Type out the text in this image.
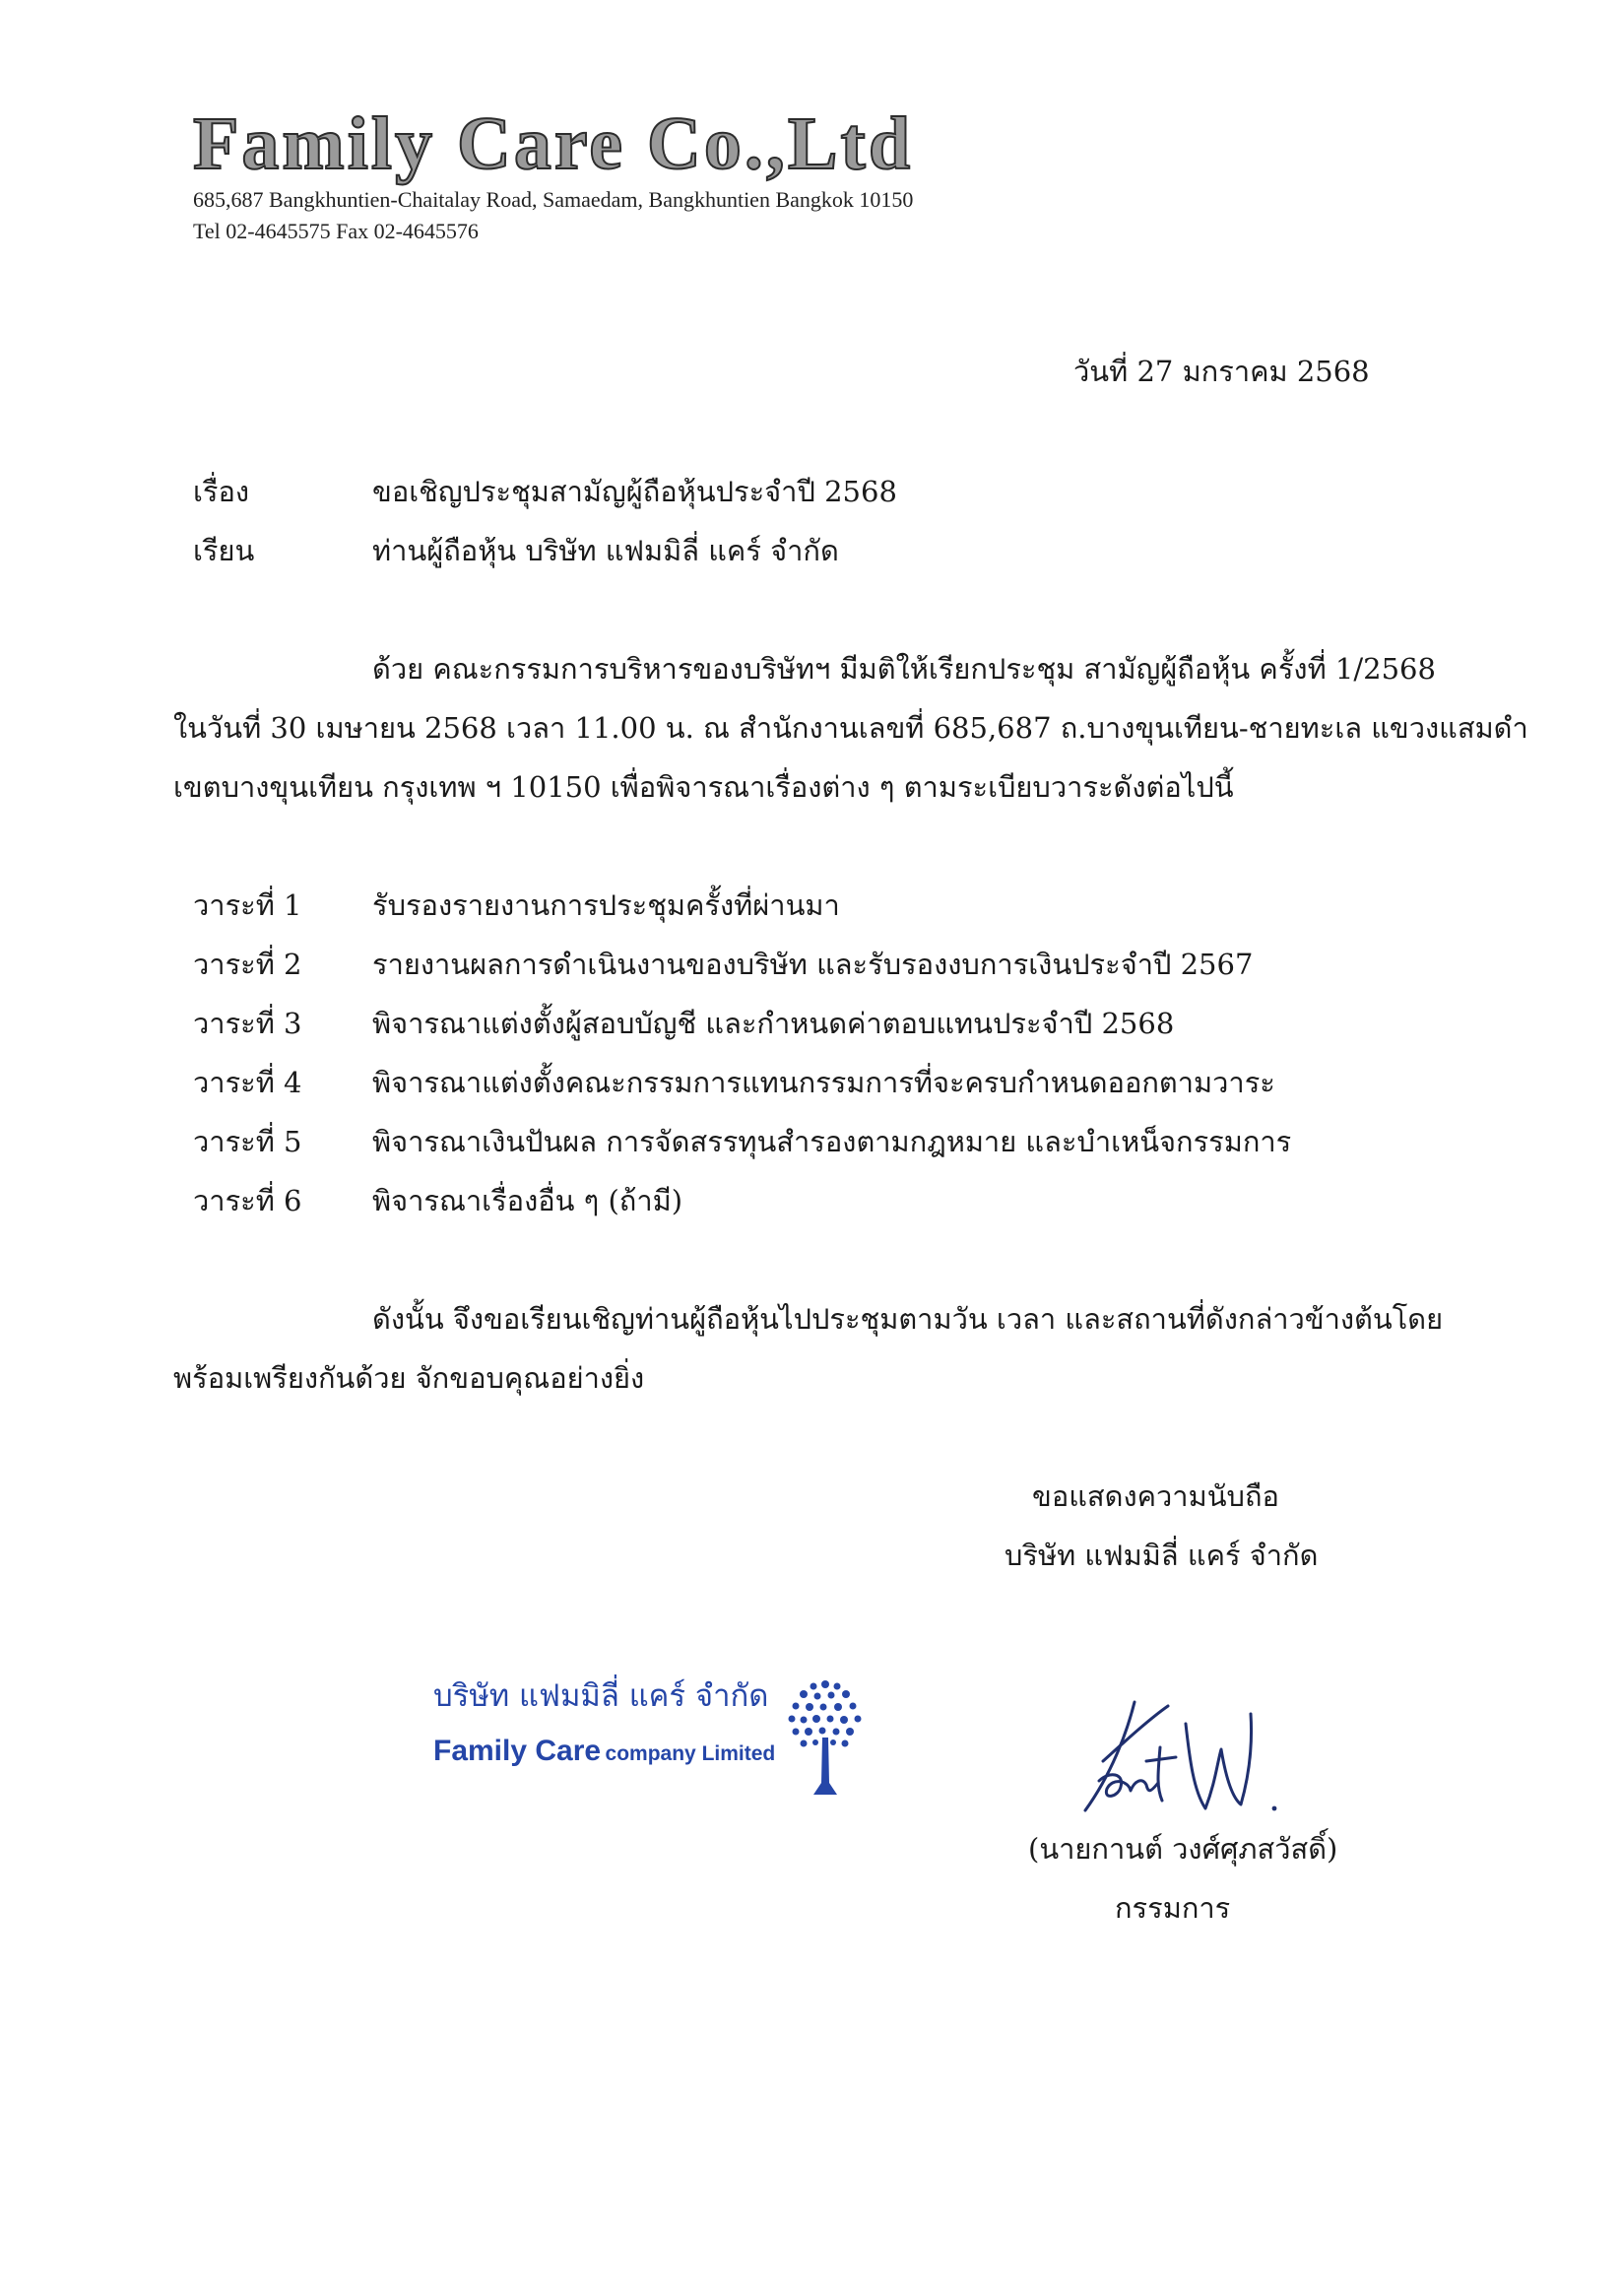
Family Care Co.,Ltd
685,687 Bangkhuntien-Chaitalay Road, Samaedam, Bangkhuntien Bangkok 10150
Tel 02-4645575 Fax 02-4645576
วันที่ 27 มกราคม 2568
เรื่อง	ขอเชิญประชุมสามัญผู้ถือหุ้นประจำปี 2568
เรียน	ท่านผู้ถือหุ้น บริษัท แฟมมิลี่ แคร์ จำกัด
ด้วย คณะกรรมการบริหารของบริษัทฯ มีมติให้เรียกประชุม สามัญผู้ถือหุ้น ครั้งที่ 1/2568
ในวันที่ 30 เมษายน 2568 เวลา 11.00 น. ณ สำนักงานเลขที่ 685,687 ถ.บางขุนเทียน-ชายทะเล แขวงแสมดำ
เขตบางขุนเทียน กรุงเทพ ฯ 10150 เพื่อพิจารณาเรื่องต่าง ๆ ตามระเบียบวาระดังต่อไปนี้
วาระที่ 1 รับรองรายงานการประชุมครั้งที่ผ่านมา
วาระที่ 2 รายงานผลการดำเนินงานของบริษัท และรับรองงบการเงินประจำปี 2567
วาระที่ 3 พิจารณาแต่งตั้งผู้สอบบัญชี และกำหนดค่าตอบแทนประจำปี 2568
วาระที่ 4 พิจารณาแต่งตั้งคณะกรรมการแทนกรรมการที่จะครบกำหนดออกตามวาระ
วาระที่ 5 พิจารณาเงินปันผล การจัดสรรทุนสำรองตามกฎหมาย และบำเหน็จกรรมการ
วาระที่ 6 พิจารณาเรื่องอื่น ๆ (ถ้ามี)
ดังนั้น จึงขอเรียนเชิญท่านผู้ถือหุ้นไปประชุมตามวัน เวลา และสถานที่ดังกล่าวข้างต้นโดย
พร้อมเพรียงกันด้วย จักขอบคุณอย่างยิ่ง
ขอแสดงความนับถือ
บริษัท แฟมมิลี่ แคร์ จำกัด
บริษัท แฟมมิลี่ แคร์ จำกัด
Family Care company Limited
(นายกานต์ วงศ์ศุภสวัสดิ์)
กรรมการ
